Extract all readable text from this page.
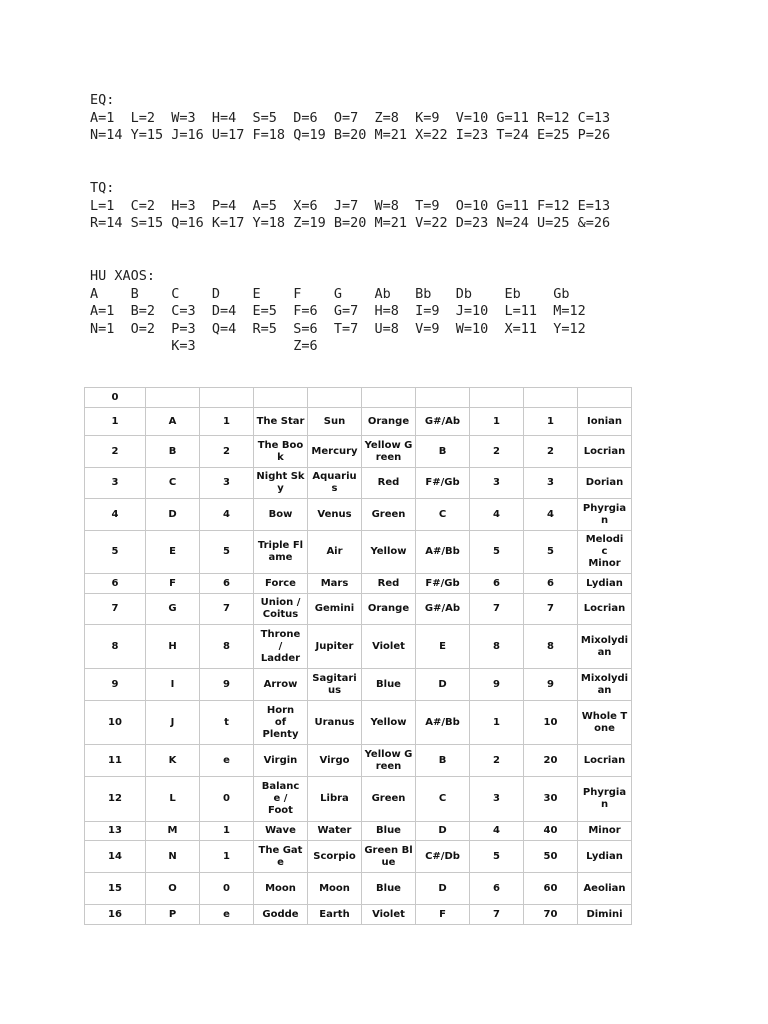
EQ:
A=1  L=2  W=3  H=4  S=5  D=6  O=7  Z=8  K=9  V=10 G=11 R=12 C=13
N=14 Y=15 J=16 U=17 F=18 Q=19 B=20 M=21 X=22 I=23 T=24 E=25 P=26
TQ:
L=1  C=2  H=3  P=4  A=5  X=6  J=7  W=8  T=9  O=10 G=11 F=12 E=13
R=14 S=15 Q=16 K=17 Y=18 Z=19 B=20 M=21 V=22 D=23 N=24 U=25 &=26
HU XAOS:
A    B    C    D    E    F    G    Ab   Bb   Db    Eb    Gb
A=1  B=2  C=3  D=4  E=5  F=6  G=7  H=8  I=9  J=10  L=11  M=12
N=1  O=2  P=3  Q=4  R=5  S=6  T=7  U=8  V=9  W=10  X=11  Y=12
K=3            Z=6
0									
1	A	1	The Star	Sun	Orange	G#/Ab	1	1	Ionian
2	B	2	The Book	Mercury	Yellow Green	B	2	2	Locrian
3	C	3	Night Sky	Aquarius	Red	F#/Gb	3	3	Dorian
4	D	4	Bow	Venus	Green	C	4	4	Phyrgian
5	E	5	Triple Flame	Air	Yellow	A#/Bb	5	5	Melodi
c
Minor
6	F	6	Force	Mars	Red	F#/Gb	6	6	Lydian
7	G	7	Union /
Coitus	Gemini	Orange	G#/Ab	7	7	Locrian
8	H	8	Throne
/
Ladder	Jupiter	Violet	E	8	8	Mixolydian
9	I	9	Arrow	Sagitarius	Blue	D	9	9	Mixolydian
10	J	t	Horn
of
Plenty	Uranus	Yellow	A#/Bb	1	10	Whole Tone
11	K	e	Virgin	Virgo	Yellow Green	B	2	20	Locrian
12	L	0	Balanc
e /
Foot	Libra	Green	C	3	30	Phyrgian
13	M	1	Wave	Water	Blue	D	4	40	Minor
14	N	1	The Gate	Scorpio	Green Blue	C#/Db	5	50	Lydian
15	O	0	Moon	Moon	Blue	D	6	60	Aeolian
16	P	e	Godde	Earth	Violet	F	7	70	Dimini
